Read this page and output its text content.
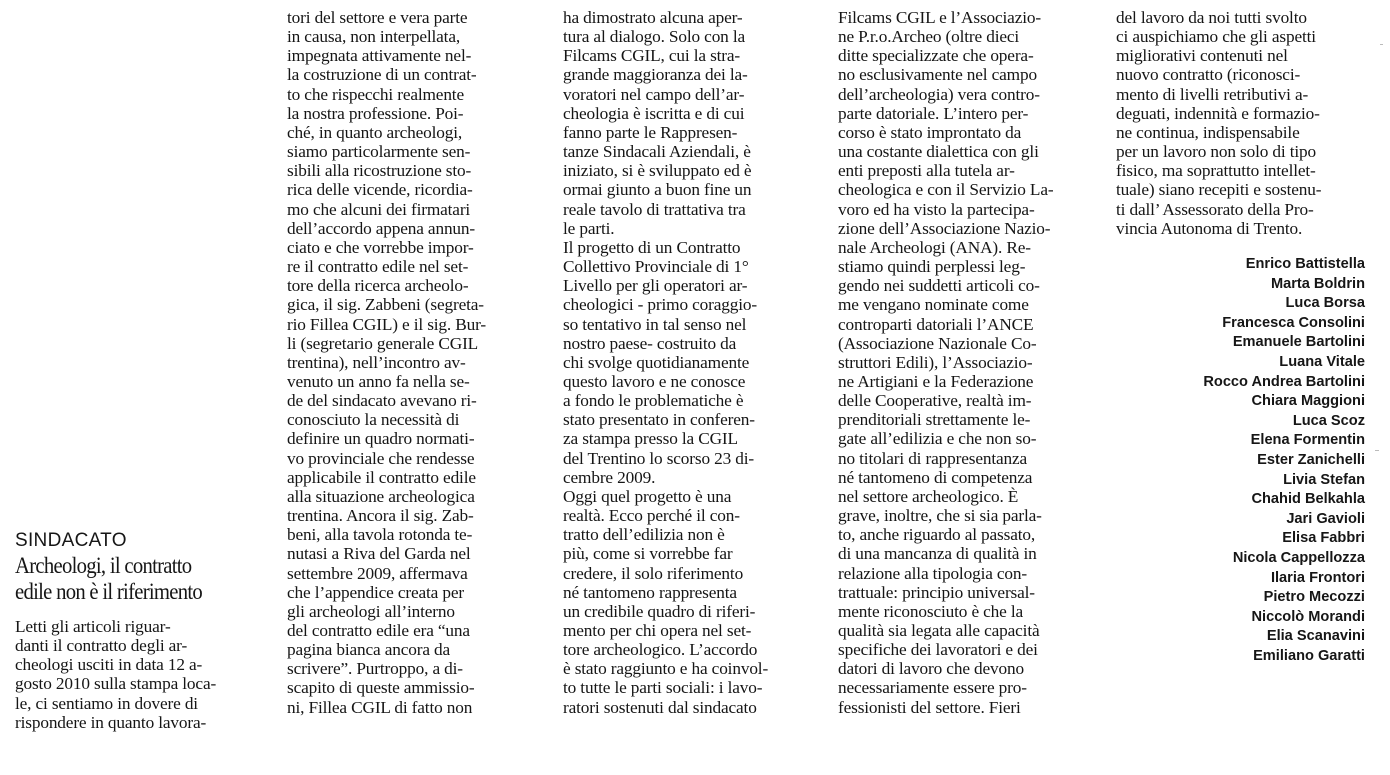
SINDACATO
Archeologi, il contratto
edile non è il riferimento
Letti gli articoli riguar-
danti il contratto degli ar-
cheologi usciti in data 12 a-
gosto 2010 sulla stampa loca-
le, ci sentiamo in dovere di
rispondere in quanto lavora-
tori del settore e vera parte
in causa, non interpellata,
impegnata attivamente nel-
la costruzione di un contrat-
to che rispecchi realmente
la nostra professione. Poi-
ché, in quanto archeologi,
siamo particolarmente sen-
sibili alla ricostruzione sto-
rica delle vicende, ricordia-
mo che alcuni dei firmatari
dell’accordo appena annun-
ciato e che vorrebbe impor-
re il contratto edile nel set-
tore della ricerca archeolo-
gica, il sig. Zabbeni (segreta-
rio Fillea CGIL) e il sig. Bur-
li (segretario generale CGIL
trentina), nell’incontro av-
venuto un anno fa nella se-
de del sindacato avevano ri-
conosciuto la necessità di
definire un quadro normati-
vo provinciale che rendesse
applicabile il contratto edile
alla situazione archeologica
trentina. Ancora il sig. Zab-
beni, alla tavola rotonda te-
nutasi a Riva del Garda nel
settembre 2009, affermava
che l’appendice creata per
gli archeologi all’interno
del contratto edile era “una
pagina bianca ancora da
scrivere”. Purtroppo, a di-
scapito di queste ammissio-
ni, Fillea CGIL di fatto non
ha dimostrato alcuna aper-
tura al dialogo. Solo con la
Filcams CGIL, cui la stra-
grande maggioranza dei la-
voratori nel campo dell’ar-
cheologia è iscritta e di cui
fanno parte le Rappresen-
tanze Sindacali Aziendali, è
iniziato, si è sviluppato ed è
ormai giunto a buon fine un
reale tavolo di trattativa tra
le parti.
Il progetto di un Contratto
Collettivo Provinciale di 1°
Livello per gli operatori ar-
cheologici - primo coraggio-
so tentativo in tal senso nel
nostro paese- costruito da
chi svolge quotidianamente
questo lavoro e ne conosce
a fondo le problematiche è
stato presentato in conferen-
za stampa presso la CGIL
del Trentino lo scorso 23 di-
cembre 2009.
Oggi quel progetto è una
realtà. Ecco perché il con-
tratto dell’edilizia non è
più, come si vorrebbe far
credere, il solo riferimento
né tantomeno rappresenta
un credibile quadro di riferi-
mento per chi opera nel set-
tore archeologico. L’accordo
è stato raggiunto e ha coinvol-
to tutte le parti sociali: i lavo-
ratori sostenuti dal sindacato
Filcams CGIL e l’Associazio-
ne P.r.o.Archeo (oltre dieci
ditte specializzate che opera-
no esclusivamente nel campo
dell’archeologia) vera contro-
parte datoriale. L’intero per-
corso è stato improntato da
una costante dialettica con gli
enti preposti alla tutela ar-
cheologica e con il Servizio La-
voro ed ha visto la partecipa-
zione dell’Associazione Nazio-
nale Archeologi (ANA). Re-
stiamo quindi perplessi leg-
gendo nei suddetti articoli co-
me vengano nominate come
controparti datoriali l’ANCE
(Associazione Nazionale Co-
struttori Edili), l’Associazio-
ne Artigiani e la Federazione
delle Cooperative, realtà im-
prenditoriali strettamente le-
gate all’edilizia e che non so-
no titolari di rappresentanza
né tantomeno di competenza
nel settore archeologico. È
grave, inoltre, che si sia parla-
to, anche riguardo al passato,
di una mancanza di qualità in
relazione alla tipologia con-
trattuale: principio universal-
mente riconosciuto è che la
qualità sia legata alle capacità
specifiche dei lavoratori e dei
datori di lavoro che devono
necessariamente essere pro-
fessionisti del settore. Fieri
del lavoro da noi tutti svolto
ci auspichiamo che gli aspetti
migliorativi contenuti nel
nuovo contratto (riconosci-
mento di livelli retributivi a-
deguati, indennità e formazio-
ne continua, indispensabile
per un lavoro non solo di tipo
fisico, ma soprattutto intellet-
tuale) siano recepiti e sostenu-
ti dall’ Assessorato della Pro-
vincia Autonoma di Trento.
Enrico Battistella
Marta Boldrin
Luca Borsa
Francesca Consolini
Emanuele Bartolini
Luana Vitale
Rocco Andrea Bartolini
Chiara Maggioni
Luca Scoz
Elena Formentin
Ester Zanichelli
Livia Stefan
Chahid Belkahla
Jari Gavioli
Elisa Fabbri
Nicola Cappellozza
Ilaria Frontori
Pietro Mecozzi
Niccolò Morandi
Elia Scanavini
Emiliano Garatti
